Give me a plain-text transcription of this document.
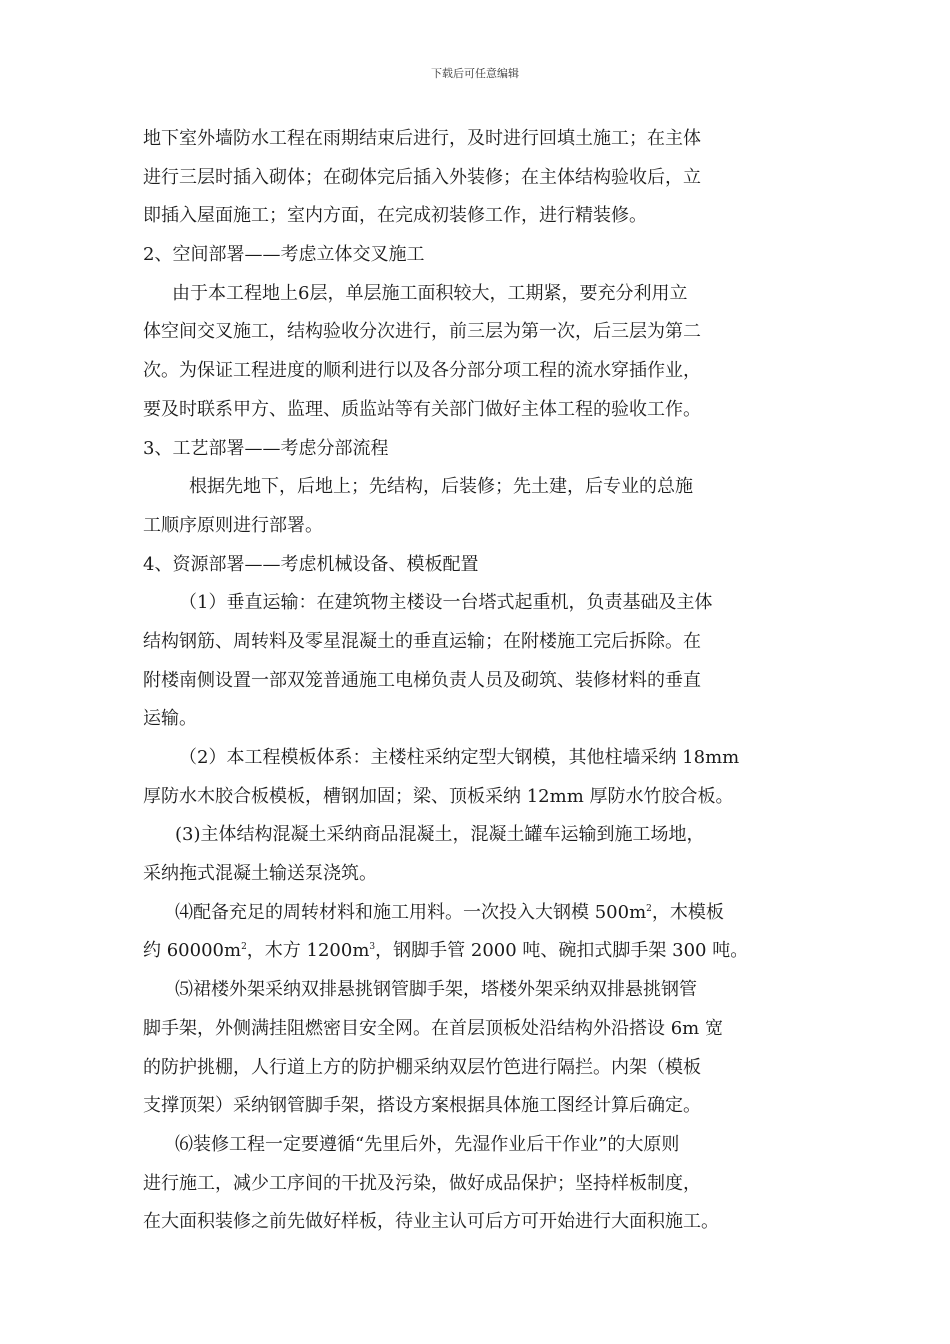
下载后可任意编辑
地下室外墙防水工程在雨期结束后进行，及时进行回填土施工；在主体
进行三层时插入砌体；在砌体完后插入外装修；在主体结构验收后，立
即插入屋面施工；室内方面，在完成初装修工作，进行精装修。
2、空间部署——考虑立体交叉施工
由于本工程地上6层，单层施工面积较大，工期紧，要充分利用立
体空间交叉施工，结构验收分次进行，前三层为第一次，后三层为第二
次。为保证工程进度的顺利进行以及各分部分项工程的流水穿插作业，
要及时联系甲方、监理、质监站等有关部门做好主体工程的验收工作。
3、工艺部署——考虑分部流程
根据先地下，后地上；先结构，后装修；先土建，后专业的总施
工顺序原则进行部署。
4、资源部署——考虑机械设备、模板配置
（1）垂直运输：在建筑物主楼设一台塔式起重机，负责基础及主体
结构钢筋、周转料及零星混凝土的垂直运输；在附楼施工完后拆除。在
附楼南侧设置一部双笼普通施工电梯负责人员及砌筑、装修材料的垂直
运输。
（2）本工程模板体系：主楼柱采纳定型大钢模，其他柱墙采纳 18mm
厚防水木胶合板模板，槽钢加固；梁、顶板采纳 12mm 厚防水竹胶合板。
(3)主体结构混凝土采纳商品混凝土，混凝土罐车运输到施工场地，
采纳拖式混凝土输送泵浇筑。
⑷配备充足的周转材料和施工用料。一次投入大钢模 $500m^2$，木模板
约 $60000m^2$，木方 $1200m^3$，钢脚手管 2000 吨、碗扣式脚手架 300 吨。
⑸裙楼外架采纳双排悬挑钢管脚手架，塔楼外架采纳双排悬挑钢管
脚手架，外侧满挂阻燃密目安全网。在首层顶板处沿结构外沿搭设 6m 宽
的防护挑棚，人行道上方的防护棚采纳双层竹笆进行隔拦。内架（模板
支撑顶架）采纳钢管脚手架，搭设方案根据具体施工图经计算后确定。
⑹装修工程一定要遵循“先里后外，先湿作业后干作业”的大原则
进行施工，减少工序间的干扰及污染，做好成品保护；坚持样板制度，
在大面积装修之前先做好样板，待业主认可后方可开始进行大面积施工。
